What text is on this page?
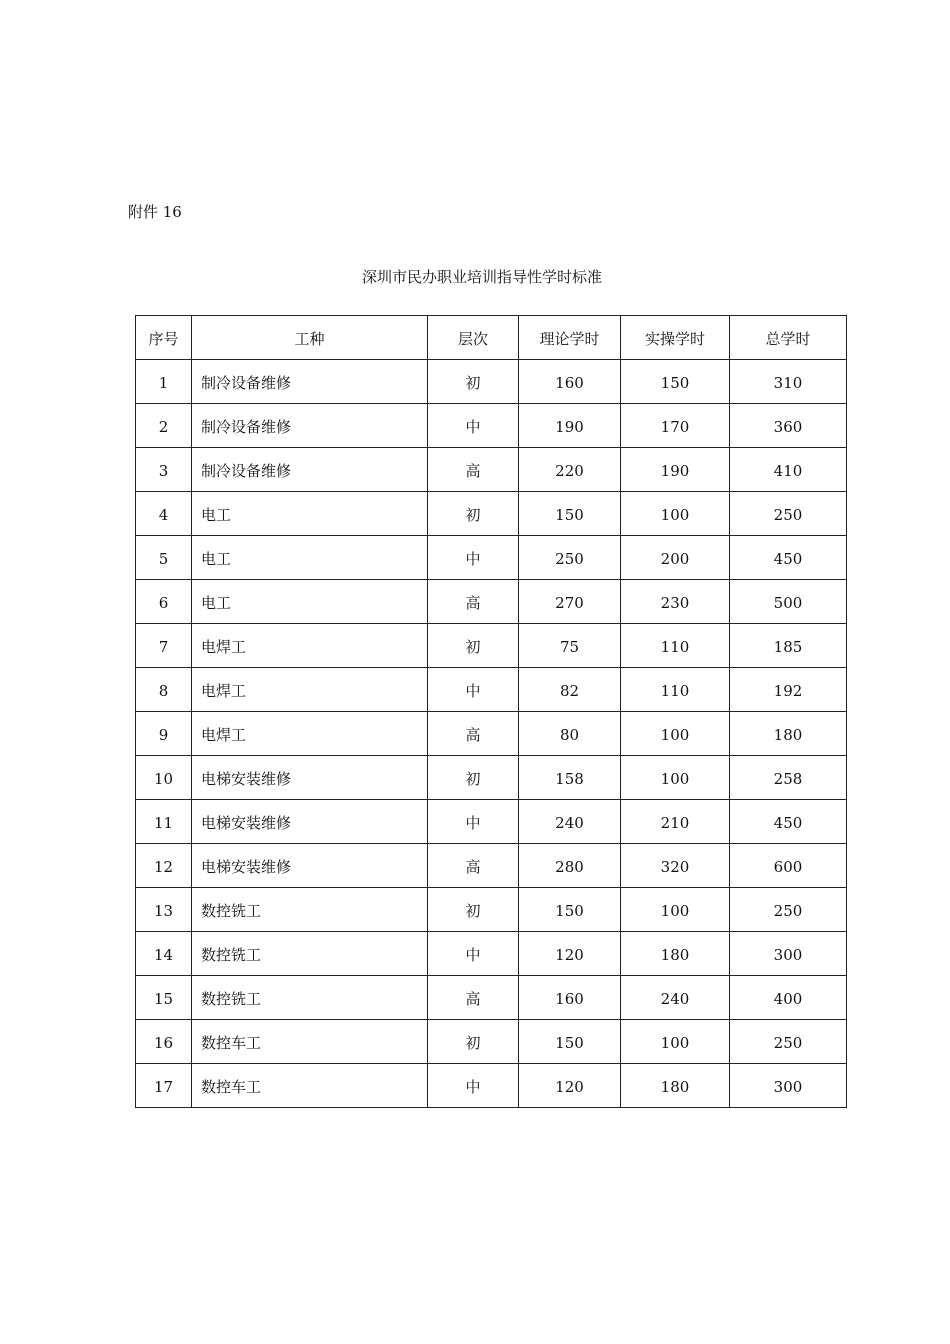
附件 16
深圳市民办职业培训指导性学时标准
序号	工种	层次	理论学时	实操学时	总学时
1	制冷设备维修	初	160	150	310
2	制冷设备维修	中	190	170	360
3	制冷设备维修	高	220	190	410
4	电工	初	150	100	250
5	电工	中	250	200	450
6	电工	高	270	230	500
7	电焊工	初	75	110	185
8	电焊工	中	82	110	192
9	电焊工	高	80	100	180
10	电梯安装维修	初	158	100	258
11	电梯安装维修	中	240	210	450
12	电梯安装维修	高	280	320	600
13	数控铣工	初	150	100	250
14	数控铣工	中	120	180	300
15	数控铣工	高	160	240	400
16	数控车工	初	150	100	250
17	数控车工	中	120	180	300
